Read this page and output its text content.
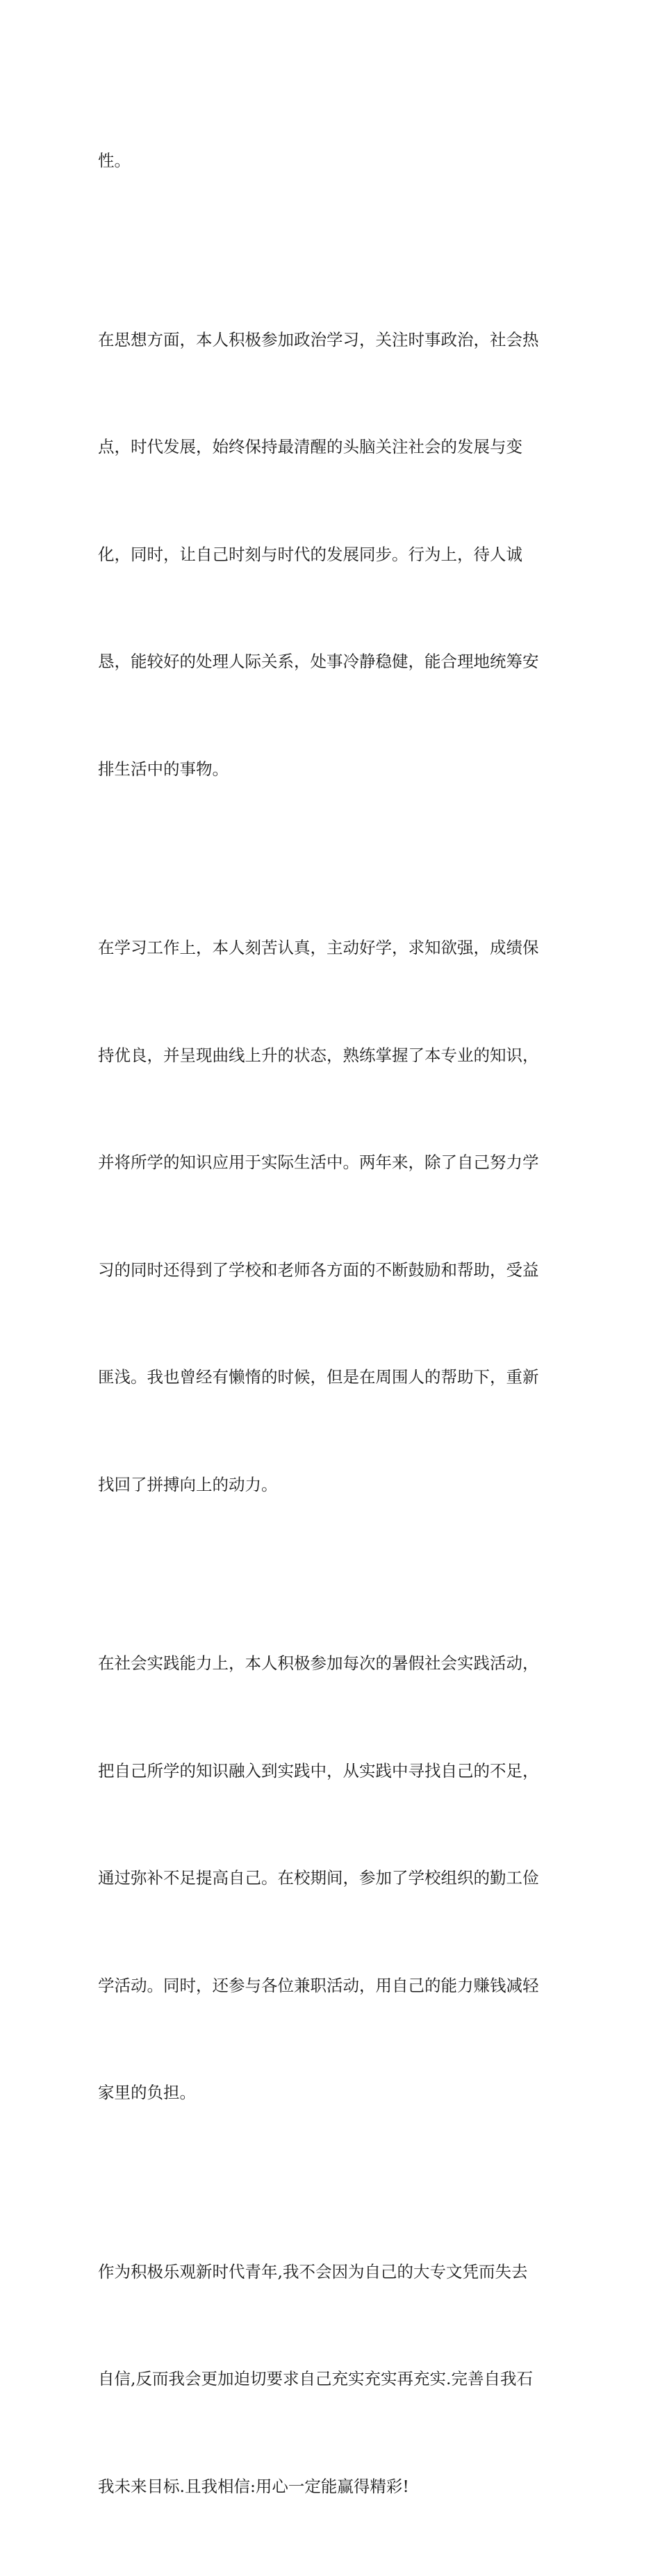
性。

在思想方面，本人积极参加政治学习，关注时事政治，社会热

点，时代发展，始终保持最清醒的头脑关注社会的发展与变

化，同时，让自己时刻与时代的发展同步。行为上，待人诚

恳，能较好的处理人际关系，处事冷静稳健，能合理地统筹安

排生活中的事物。

在学习工作上，本人刻苦认真，主动好学，求知欲强，成绩保

持优良，并呈现曲线上升的状态，熟练掌握了本专业的知识，

并将所学的知识应用于实际生活中。两年来，除了自己努力学

习的同时还得到了学校和老师各方面的不断鼓励和帮助，受益

匪浅。我也曾经有懒惰的时候，但是在周围人的帮助下，重新

找回了拼搏向上的动力。

在社会实践能力上，本人积极参加每次的暑假社会实践活动，

把自己所学的知识融入到实践中，从实践中寻找自己的不足，

通过弥补不足提高自己。在校期间，参加了学校组织的勤工俭

学活动。同时，还参与各位兼职活动，用自己的能力赚钱减轻

家里的负担。

作为积极乐观新时代青年,我不会因为自己的大专文凭而失去

自信,反而我会更加迫切要求自己充实充实再充实.完善自我石

我未来目标.且我相信:用心一定能赢得精彩!
